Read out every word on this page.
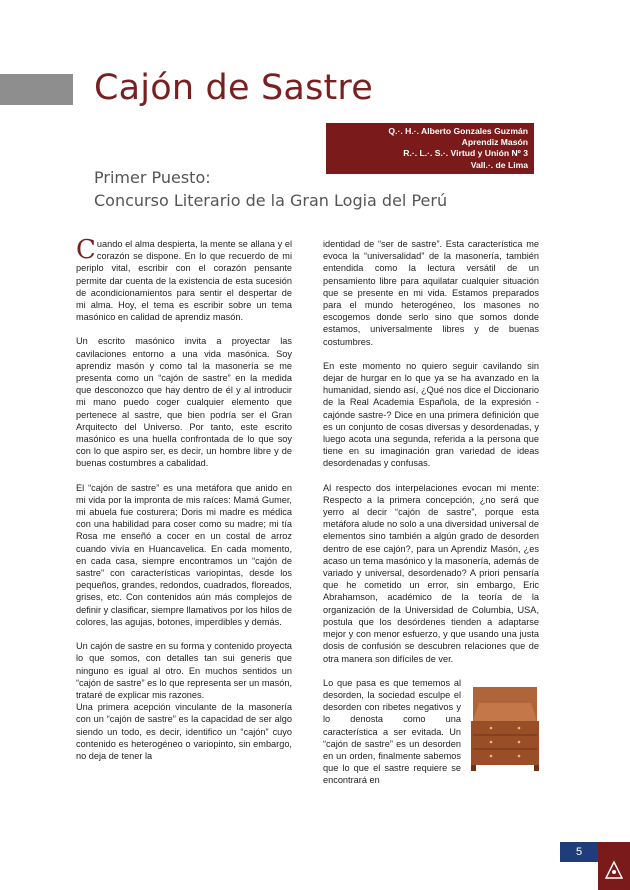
Cajón de Sastre
Q.·. H.·. Alberto Gonzales Guzmán
Aprendiz Masón
R.·. L.·. S.·. Virtud y Unión Nº 3
Vall.·. de Lima
Primer Puesto:
Concurso Literario de la Gran Logia del Perú

Cuando el alma despierta, la mente se allana y el corazón se dispone. En lo que recuerdo de mi periplo vital, escribir con el corazón pensante permite dar cuenta de la existencia de esta sucesión de acondicionamientos para sentir el despertar de mi alma. Hoy, el tema es escribir sobre un tema masónico en calidad de aprendiz masón.

Un escrito masónico invita a proyectar las cavilaciones entorno a una vida masónica. Soy aprendiz masón y como tal la masonería se me presenta como un “cajón de sastre” en la medida que desconozco que hay dentro de él y al introducir mi mano puedo coger cualquier elemento que pertenece al sastre, que bien podría ser el Gran Arquitecto del Universo. Por tanto, este escrito masónico es una huella confrontada de lo que soy con lo que aspiro ser, es decir, un hombre libre y de buenas costumbres a cabalidad.

El “cajón de sastre” es una metáfora que anido en mi vida por la impronta de mis raíces: Mamá Gumer, mi abuela fue costurera; Doris mi madre es médica con una habilidad para coser como su madre; mi tía Rosa me enseñó a cocer en un costal de arroz cuando vivía en Huancavelica. En cada momento, en cada casa, siempre encontramos un “cajón de sastre” con características variopintas, desde los pequeños, grandes, redondos, cuadrados, floreados, grises, etc. Con contenidos aún más complejos de definir y clasificar, siempre llamativos por los hilos de colores, las agujas, botones, imperdibles y demás.

Un cajón de sastre en su forma y contenido proyecta lo que somos, con detalles tan sui generis que ninguno es igual al otro. En muchos sentidos un “cajón de sastre” es lo que representa ser un masón, trataré de explicar mis razones.

Una primera acepción vinculante de la masonería con un “cajón de sastre” es la capacidad de ser algo siendo un todo, es decir, identifico un “cajón” cuyo contenido es heterogéneo o variopinto, sin embargo, no deja de tener la

identidad de “ser de sastre”. Esta característica me evoca la “universalidad” de la masonería, también entendida como la lectura versátil de un pensamiento libre para aquilatar cualquier situación que se presente en mi vida. Estamos preparados para el mundo heterogéneo, los masones no escogemos donde serlo sino que somos donde estamos, universalmente libres y de buenas costumbres.

En este momento no quiero seguir cavilando sin dejar de hurgar en lo que ya se ha avanzado en la humanidad, siendo así, ¿Qué nos dice el Diccionario de la Real Academia Española, de la expresión -cajónde sastre-? Dice en una primera definición que es un conjunto de cosas diversas y desordenadas, y luego acota una segunda, referida a la persona que tiene en su imaginación gran variedad de ideas desordenadas y confusas.

Al respecto dos interpelaciones evocan mi mente: Respecto a la primera concepción, ¿no será que yerro al decir “cajón de sastre”, porque esta metáfora alude no solo a una diversidad universal de elementos sino también a algún grado de desorden dentro de ese cajón?, para un Aprendiz Masón, ¿es acaso un tema masónico y la masonería, además de variado y universal, desordenado? A priori pensaría que he cometido un error, sin embargo, Eric Abrahamson, académico de la teoría de la organización de la Universidad de Columbia, USA, postula que los desórdenes tienden a adaptarse mejor y con menor esfuerzo, y que usando una justa dosis de confusión se descubren relaciones que de otra manera son difíciles de ver.

Lo que pasa es que tememos al desorden, la sociedad esculpe el desorden con ribetes negativos y lo denosta como una característica a ser evitada. Un “cajón de sastre” es un desorden en un orden, finalmente sabemos que lo que el sastre requiere se encontrará en

5
